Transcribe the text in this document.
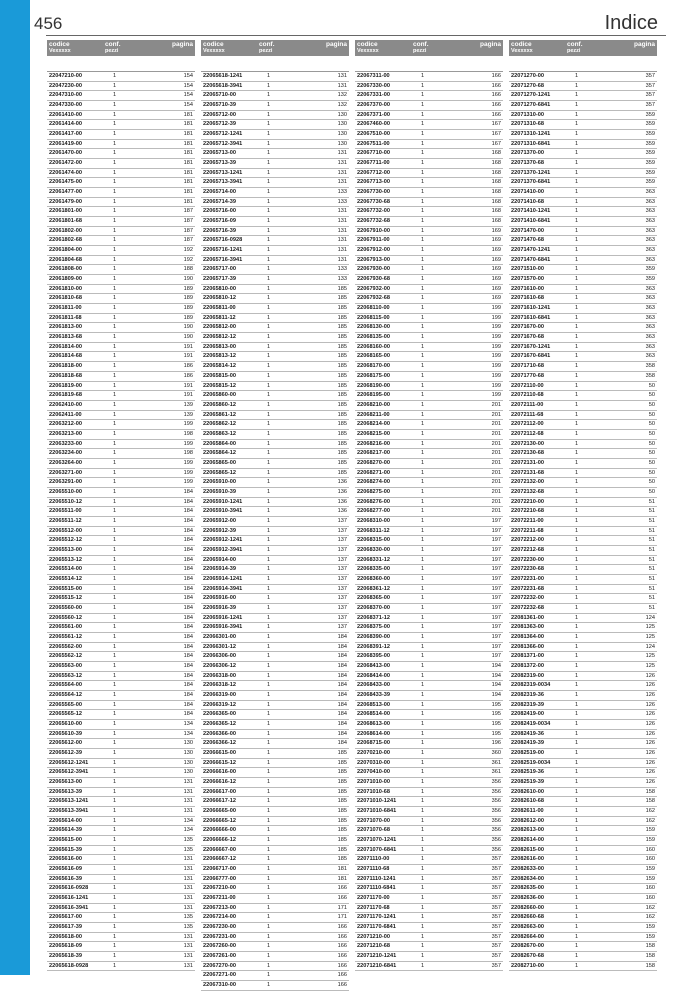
456	Indice
codice
Vexxxxx
conf.
pezzi
pagina
22047210-00	1	154
22047230-00	1	154
22047310-00	1	154
22047330-00	1	154
22061410-00	1	181
22061414-00	1	181
22061417-00	1	181
22061419-00	1	181
22061470-00	1	181
22061472-00	1	181
22061474-00	1	181
22061475-00	1	181
22061477-00	1	181
22061479-00	1	181
22061801-00	1	187
22061801-68	1	187
22061802-00	1	187
22061802-68	1	187
22061804-00	1	192
22061804-68	1	192
22061808-00	1	188
22061809-00	1	190
22061810-00	1	189
22061810-68	1	189
22061811-00	1	189
22061811-68	1	189
22061813-00	1	190
22061813-68	1	190
22061814-00	1	191
22061814-68	1	191
22061818-00	1	186
22061818-68	1	186
22061819-00	1	191
22061819-68	1	191
22062410-00	1	139
22062411-00	1	139
22063212-00	1	199
22063213-00	1	198
22063233-00	1	199
22063234-00	1	198
22063264-00	1	199
22063271-00	1	199
22063291-00	1	199
22065510-00	1	184
22065510-12	1	184
22065511-00	1	184
22065511-12	1	184
22065512-00	1	184
22065512-12	1	184
22065513-00	1	184
22065513-12	1	184
22065514-00	1	184
22065514-12	1	184
22065515-00	1	184
22065515-12	1	184
22065560-00	1	184
22065560-12	1	184
22065561-00	1	184
22065561-12	1	184
22065562-00	1	184
22065562-12	1	184
22065563-00	1	184
22065563-12	1	184
22065564-00	1	184
22065564-12	1	184
22065565-00	1	184
22065565-12	1	184
22065610-00	1	134
22065610-39	1	134
22065612-00	1	130
22065612-39	1	130
22065612-1241	1	130
22065612-3941	1	130
22065613-00	1	131
22065613-39	1	131
22065613-1241	1	131
22065613-3941	1	131
22065614-00	1	134
22065614-39	1	134
22065615-00	1	135
22065615-39	1	135
22065616-00	1	131
22065616-09	1	131
22065616-39	1	131
22065616-0928	1	131
22065616-1241	1	131
22065616-3941	1	131
22065617-00	1	135
22065617-39	1	135
22065618-00	1	131
22065618-09	1	131
22065618-39	1	131
22065618-0928	1	131
codice
Vexxxxx
conf.
pezzi
pagina
22065618-1241	1	131
22065618-3941	1	131
22065710-00	1	132
22065710-39	1	132
22065712-00	1	130
22065712-39	1	130
22065712-1241	1	130
22065712-3941	1	130
22065713-00	1	131
22065713-39	1	131
22065713-1241	1	131
22065713-3941	1	131
22065714-00	1	133
22065714-39	1	133
22065716-00	1	131
22065716-09	1	131
22065716-39	1	131
22065716-0928	1	131
22065716-1241	1	131
22065716-3941	1	131
22065717-00	1	133
22065717-39	1	133
22065810-00	1	185
22065810-12	1	185
22065811-00	1	185
22065811-12	1	185
22065812-00	1	185
22065812-12	1	185
22065813-00	1	185
22065813-12	1	185
22065814-12	1	185
22065815-00	1	185
22065815-12	1	185
22065860-00	1	185
22065860-12	1	185
22065861-12	1	185
22065862-12	1	185
22065863-12	1	185
22065864-00	1	185
22065864-12	1	185
22065865-00	1	185
22065865-12	1	185
22065910-00	1	136
22065910-39	1	136
22065910-1241	1	136
22065910-3941	1	136
22065912-00	1	137
22065912-39	1	137
22065912-1241	1	137
22065912-3941	1	137
22065914-00	1	137
22065914-39	1	137
22065914-1241	1	137
22065914-3941	1	137
22065916-00	1	137
22065916-39	1	137
22065916-1241	1	137
22065916-3941	1	137
22066301-00	1	184
22066301-12	1	184
22066306-00	1	184
22066306-12	1	184
22066318-00	1	184
22066318-12	1	184
22066319-00	1	184
22066319-12	1	184
22066365-00	1	184
22066365-12	1	184
22066366-00	1	184
22066366-12	1	184
22066615-00	1	185
22066615-12	1	185
22066616-00	1	185
22066616-12	1	185
22066617-00	1	185
22066617-12	1	185
22066665-00	1	185
22066665-12	1	185
22066666-00	1	185
22066666-12	1	185
22066667-00	1	185
22066667-12	1	185
22066717-00	1	181
22066777-00	1	181
22067210-00	1	166
22067211-00	1	166
22067213-00	1	171
22067214-00	1	171
22067230-00	1	166
22067231-00	1	166
22067260-00	1	166
22067261-00	1	166
22067270-00	1	166
22067271-00	1	166
22067310-00	1	166
codice
Vexxxxx
conf.
pezzi
pagina
22067311-00	1	166
22067330-00	1	166
22067331-00	1	166
22067370-00	1	166
22067371-00	1	166
22067460-00	1	167
22067510-00	1	167
22067511-00	1	167
22067710-00	1	168
22067711-00	1	168
22067712-00	1	168
22067713-00	1	168
22067730-00	1	168
22067730-68	1	168
22067732-00	1	168
22067732-68	1	168
22067910-00	1	169
22067911-00	1	169
22067912-00	1	169
22067913-00	1	169
22067930-00	1	169
22067930-68	1	169
22067932-00	1	169
22067932-68	1	169
22068110-00	1	199
22068115-00	1	199
22068130-00	1	199
22068135-00	1	199
22068160-00	1	199
22068165-00	1	199
22068170-00	1	199
22068175-00	1	199
22068190-00	1	199
22068195-00	1	199
22068210-00	1	201
22068211-00	1	201
22068214-00	1	201
22068215-00	1	201
22068216-00	1	201
22068217-00	1	201
22068270-00	1	201
22068271-00	1	201
22068274-00	1	201
22068275-00	1	201
22068276-00	1	201
22068277-00	1	201
22068310-00	1	197
22068311-12	1	197
22068315-00	1	197
22068330-00	1	197
22068331-12	1	197
22068335-00	1	197
22068360-00	1	197
22068361-12	1	197
22068365-00	1	197
22068370-00	1	197
22068371-12	1	197
22068375-00	1	197
22068390-00	1	197
22068391-12	1	197
22068395-00	1	197
22068413-00	1	194
22068414-00	1	194
22068433-00	1	194
22068433-39	1	194
22068513-00	1	195
22068514-00	1	195
22068613-00	1	195
22068614-00	1	195
22068715-00	1	196
22070210-00	1	360
22070310-00	1	361
22070410-00	1	361
22071010-00	1	356
22071010-68	1	356
22071010-1241	1	356
22071010-6841	1	356
22071070-00	1	356
22071070-68	1	356
22071070-1241	1	356
22071070-6841	1	356
22071110-00	1	357
22071110-68	1	357
22071110-1241	1	357
22071110-6841	1	357
22071170-00	1	357
22071170-68	1	357
22071170-1241	1	357
22071170-6841	1	357
22071210-00	1	357
22071210-68	1	357
22071210-1241	1	357
22071210-6841	1	357
codice
Vexxxxx
conf.
pezzi
pagina
22071270-00	1	357
22071270-68	1	357
22071270-1241	1	357
22071270-6841	1	357
22071310-00	1	359
22071310-68	1	359
22071310-1241	1	359
22071310-6841	1	359
22071370-00	1	359
22071370-68	1	359
22071370-1241	1	359
22071370-6841	1	359
22071410-00	1	363
22071410-68	1	363
22071410-1241	1	363
22071410-6841	1	363
22071470-00	1	363
22071470-68	1	363
22071470-1241	1	363
22071470-6841	1	363
22071510-00	1	359
22071570-00	1	359
22071610-00	1	363
22071610-68	1	363
22071610-1241	1	363
22071610-6841	1	363
22071670-00	1	363
22071670-68	1	363
22071670-1241	1	363
22071670-6841	1	363
22071710-68	1	358
22071770-68	1	358
22072110-00	1	50
22072110-68	1	50
22072111-00	1	50
22072111-68	1	50
22072112-00	1	50
22072112-68	1	50
22072130-00	1	50
22072130-68	1	50
22072131-00	1	50
22072131-68	1	50
22072132-00	1	50
22072132-68	1	50
22072210-00	1	51
22072210-68	1	51
22072211-00	1	51
22072211-68	1	51
22072212-00	1	51
22072212-68	1	51
22072230-00	1	51
22072230-68	1	51
22072231-00	1	51
22072231-68	1	51
22072232-00	1	51
22072232-68	1	51
22081361-00	1	124
22081363-00	1	125
22081364-00	1	125
22081366-00	1	124
22081371-00	1	125
22081372-00	1	125
22082319-00	1	126
22082319-0034	1	126
22082319-36	1	126
22082319-39	1	126
22082419-00	1	126
22082419-0034	1	126
22082419-36	1	126
22082419-39	1	126
22082519-00	1	126
22082519-0034	1	126
22082519-36	1	126
22082519-39	1	126
22082610-00	1	158
22082610-68	1	158
22082611-00	1	162
22082612-00	1	162
22082613-00	1	159
22082614-00	1	159
22082615-00	1	160
22082616-00	1	160
22082633-00	1	159
22082634-00	1	159
22082635-00	1	160
22082636-00	1	160
22082660-00	1	162
22082660-68	1	162
22082663-00	1	159
22082664-00	1	159
22082670-00	1	158
22082670-68	1	158
22082710-00	1	158
